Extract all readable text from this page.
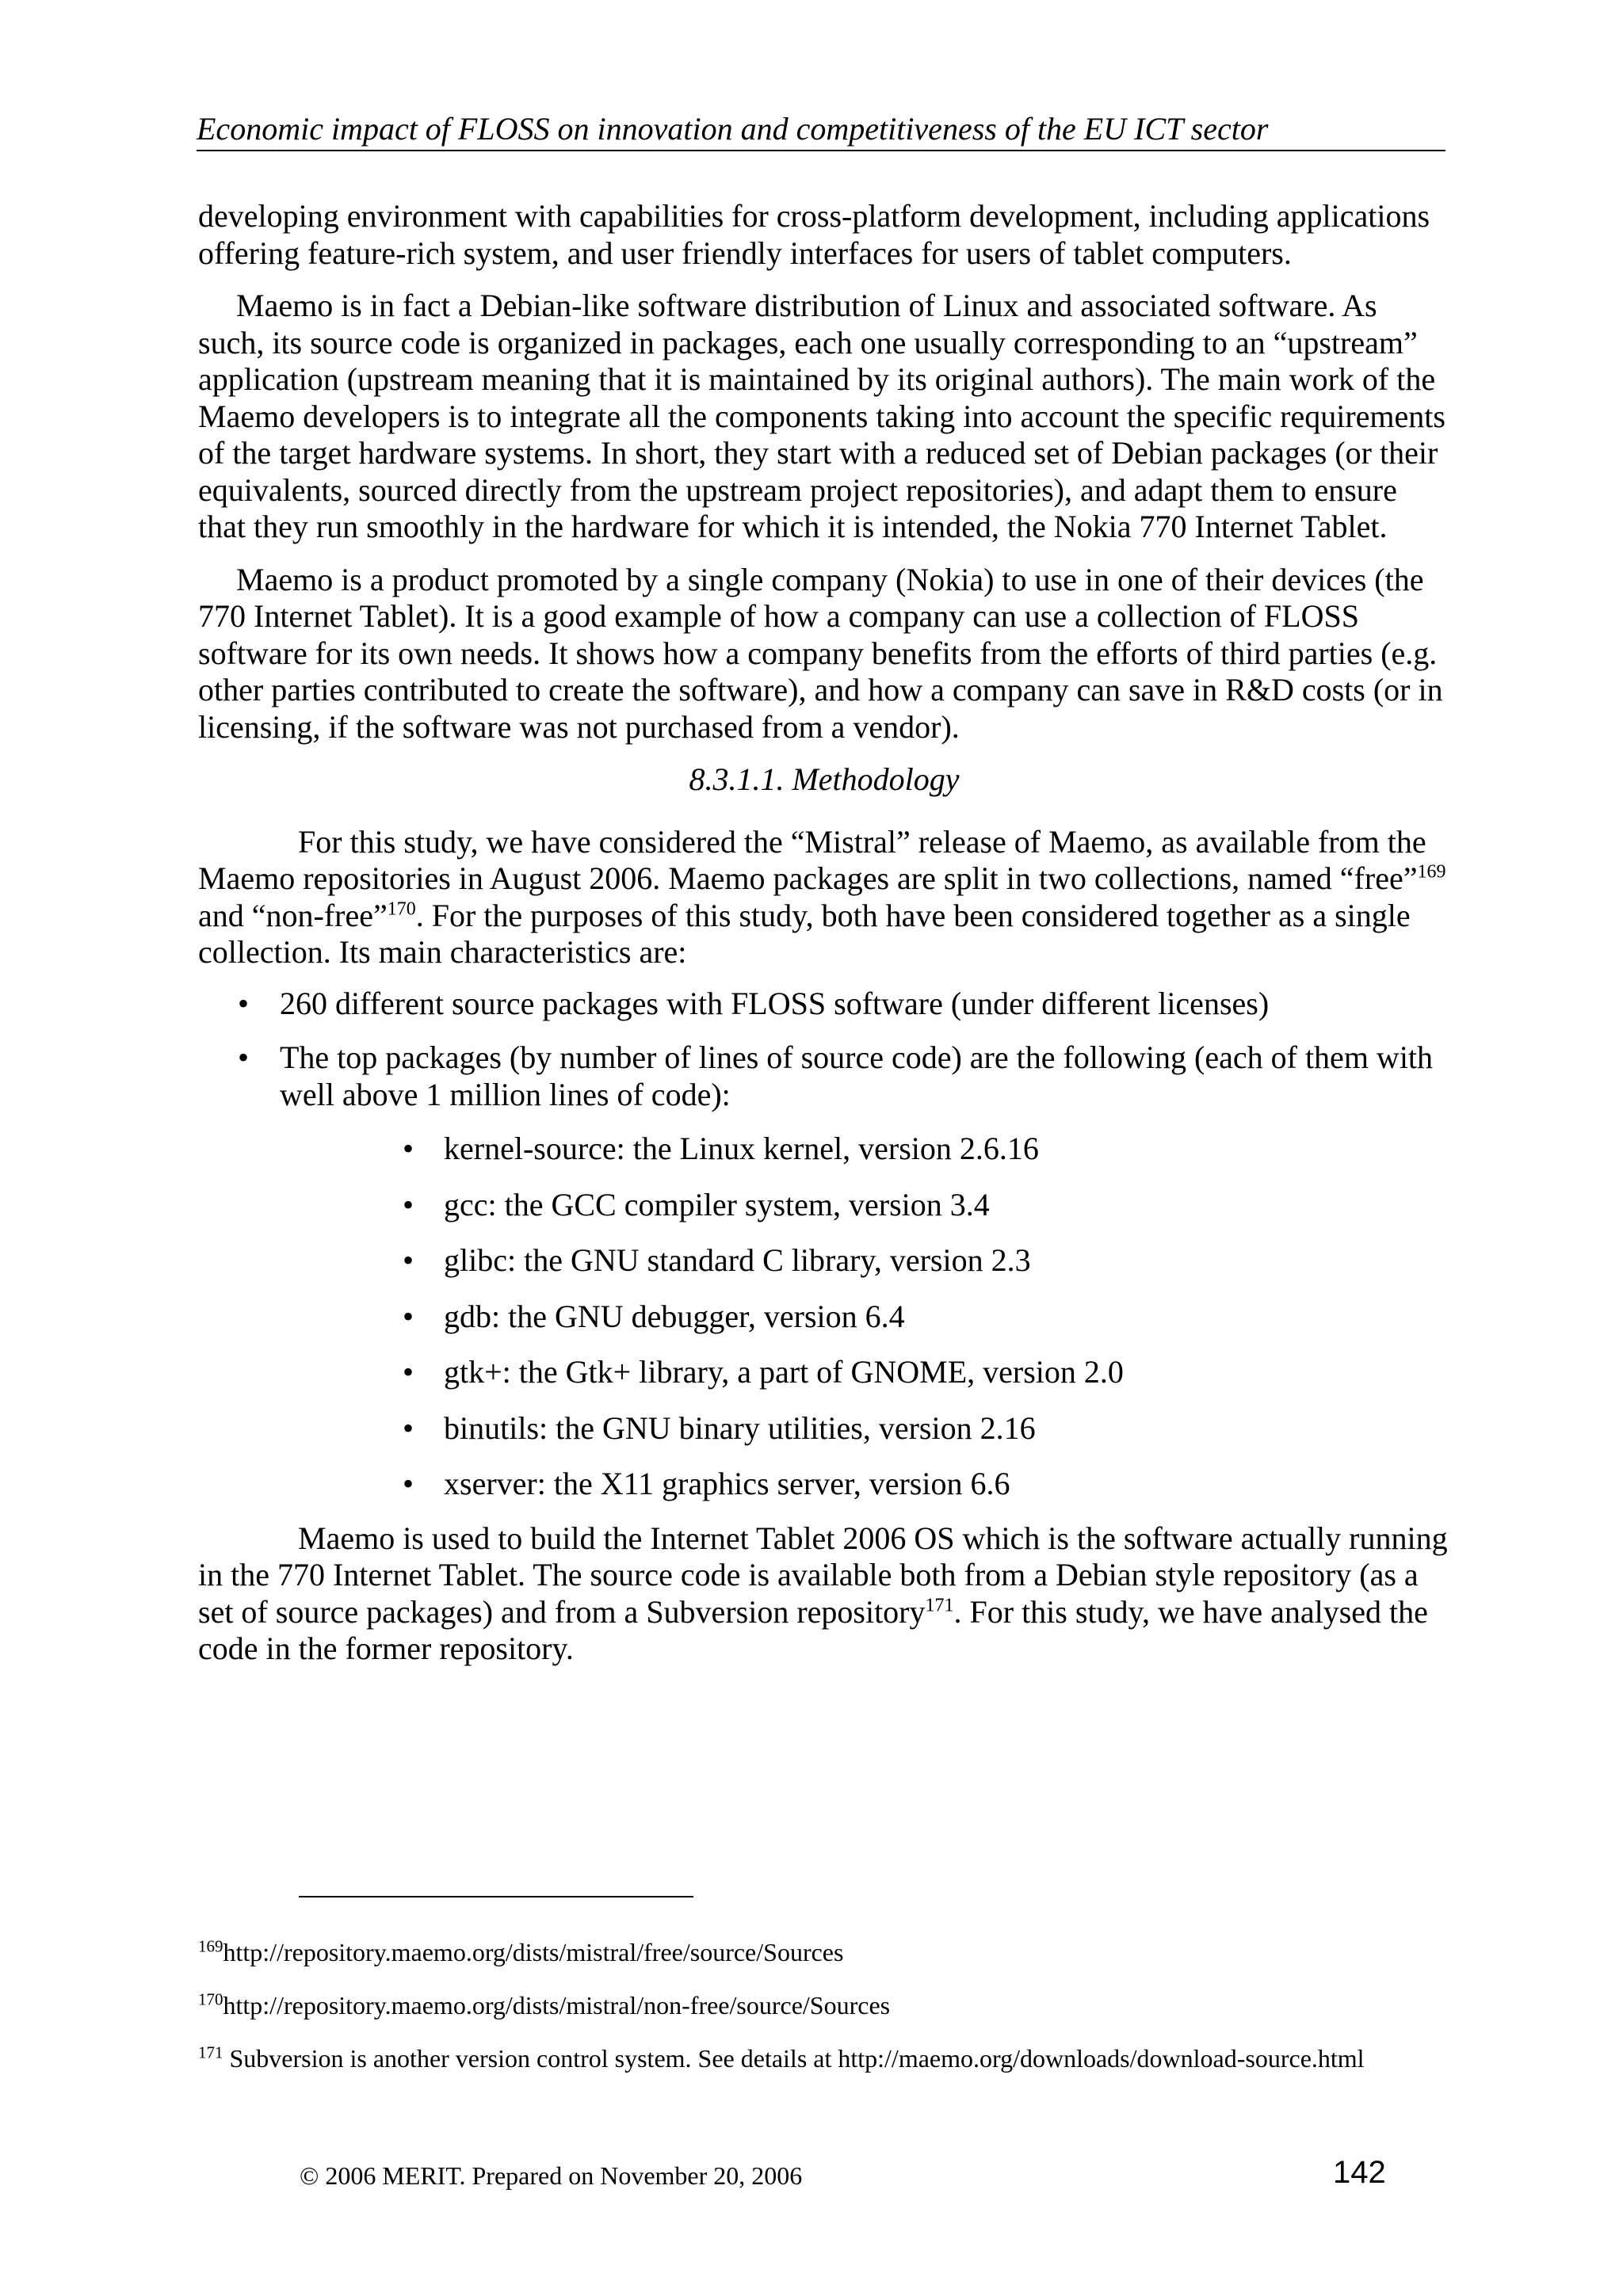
Economic impact of FLOSS on innovation and competitiveness of the EU ICT sector

developing environment with capabilities for cross-platform development, including applications offering feature-rich system, and user friendly interfaces for users of tablet computers.

Maemo is in fact a Debian-like software distribution of Linux and associated software. As such, its source code is organized in packages, each one usually corresponding to an “upstream” application (upstream meaning that it is maintained by its original authors). The main work of the Maemo developers is to integrate all the components taking into account the specific requirements of the target hardware systems. In short, they start with a reduced set of Debian packages (or their equivalents, sourced directly from the upstream project repositories), and adapt them to ensure that they run smoothly in the hardware for which it is intended, the Nokia 770 Internet Tablet.

Maemo is a product promoted by a single company (Nokia) to use in one of their devices (the 770 Internet Tablet). It is a good example of how a company can use a collection of FLOSS software for its own needs. It shows how a company benefits from the efforts of third parties (e.g. other parties contributed to create the software), and how a company can save in R&D costs (or in licensing, if the software was not purchased from a vendor).

8.3.1.1. Methodology

For this study, we have considered the “Mistral” release of Maemo, as available from the Maemo repositories in August 2006. Maemo packages are split in two collections, named “free”$^{169}$ and “non-free”$^{170}$. For the purposes of this study, both have been considered together as a single collection. Its main characteristics are:

• 260 different source packages with FLOSS software (under different licenses)
• The top packages (by number of lines of source code) are the following (each of them with well above 1 million lines of code):
• kernel-source: the Linux kernel, version 2.6.16
• gcc: the GCC compiler system, version 3.4
• glibc: the GNU standard C library, version 2.3
• gdb: the GNU debugger, version 6.4
• gtk+: the Gtk+ library, a part of GNOME, version 2.0
• binutils: the GNU binary utilities, version 2.16
• xserver: the X11 graphics server, version 6.6

Maemo is used to build the Internet Tablet 2006 OS which is the software actually running in the 770 Internet Tablet. The source code is available both from a Debian style repository (as a set of source packages) and from a Subversion repository$^{171}$. For this study, we have analysed the code in the former repository.

$^{169}$http://repository.maemo.org/dists/mistral/free/source/Sources

$^{170}$http://repository.maemo.org/dists/mistral/non-free/source/Sources

$^{171}$ Subversion is another version control system. See details at http://maemo.org/downloads/download-source.html

© 2006 MERIT. Prepared on November 20, 2006	142
